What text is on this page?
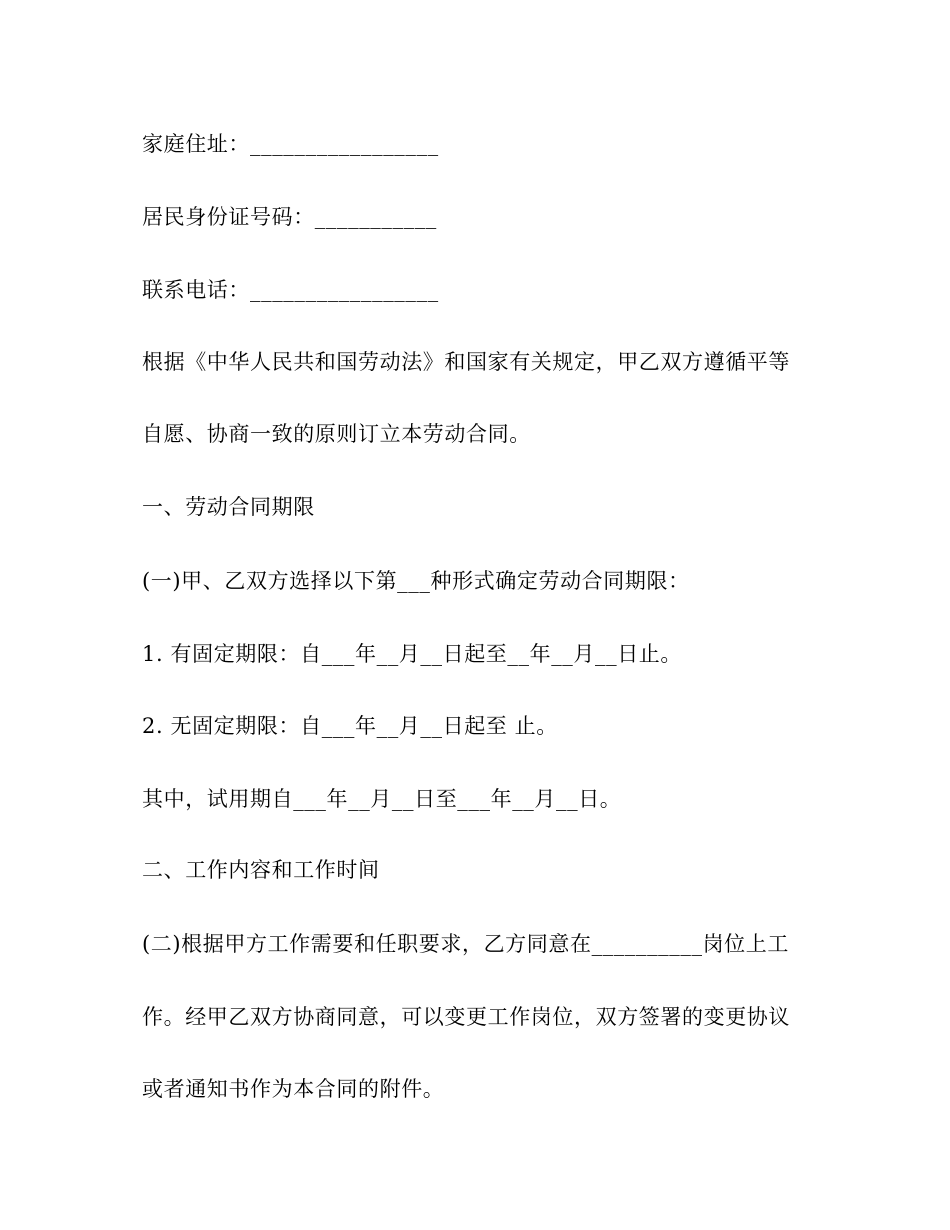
家庭住址：_________________
居民身份证号码：___________
联系电话：_________________
根据《中华人民共和国劳动法》和国家有关规定，甲乙双方遵循平等
自愿、协商一致的原则订立本劳动合同。
一、劳动合同期限
(一)甲、乙双方选择以下第___种形式确定劳动合同期限：
1. 有固定期限：自___年__月__日起至__年__月__日止。
2. 无固定期限：自___年__月__日起至 止。
其中，试用期自___年__月__日至___年__月__日。
二、工作内容和工作时间
(二)根据甲方工作需要和任职要求，乙方同意在__________岗位上工
作。经甲乙双方协商同意，可以变更工作岗位，双方签署的变更协议
或者通知书作为本合同的附件。
